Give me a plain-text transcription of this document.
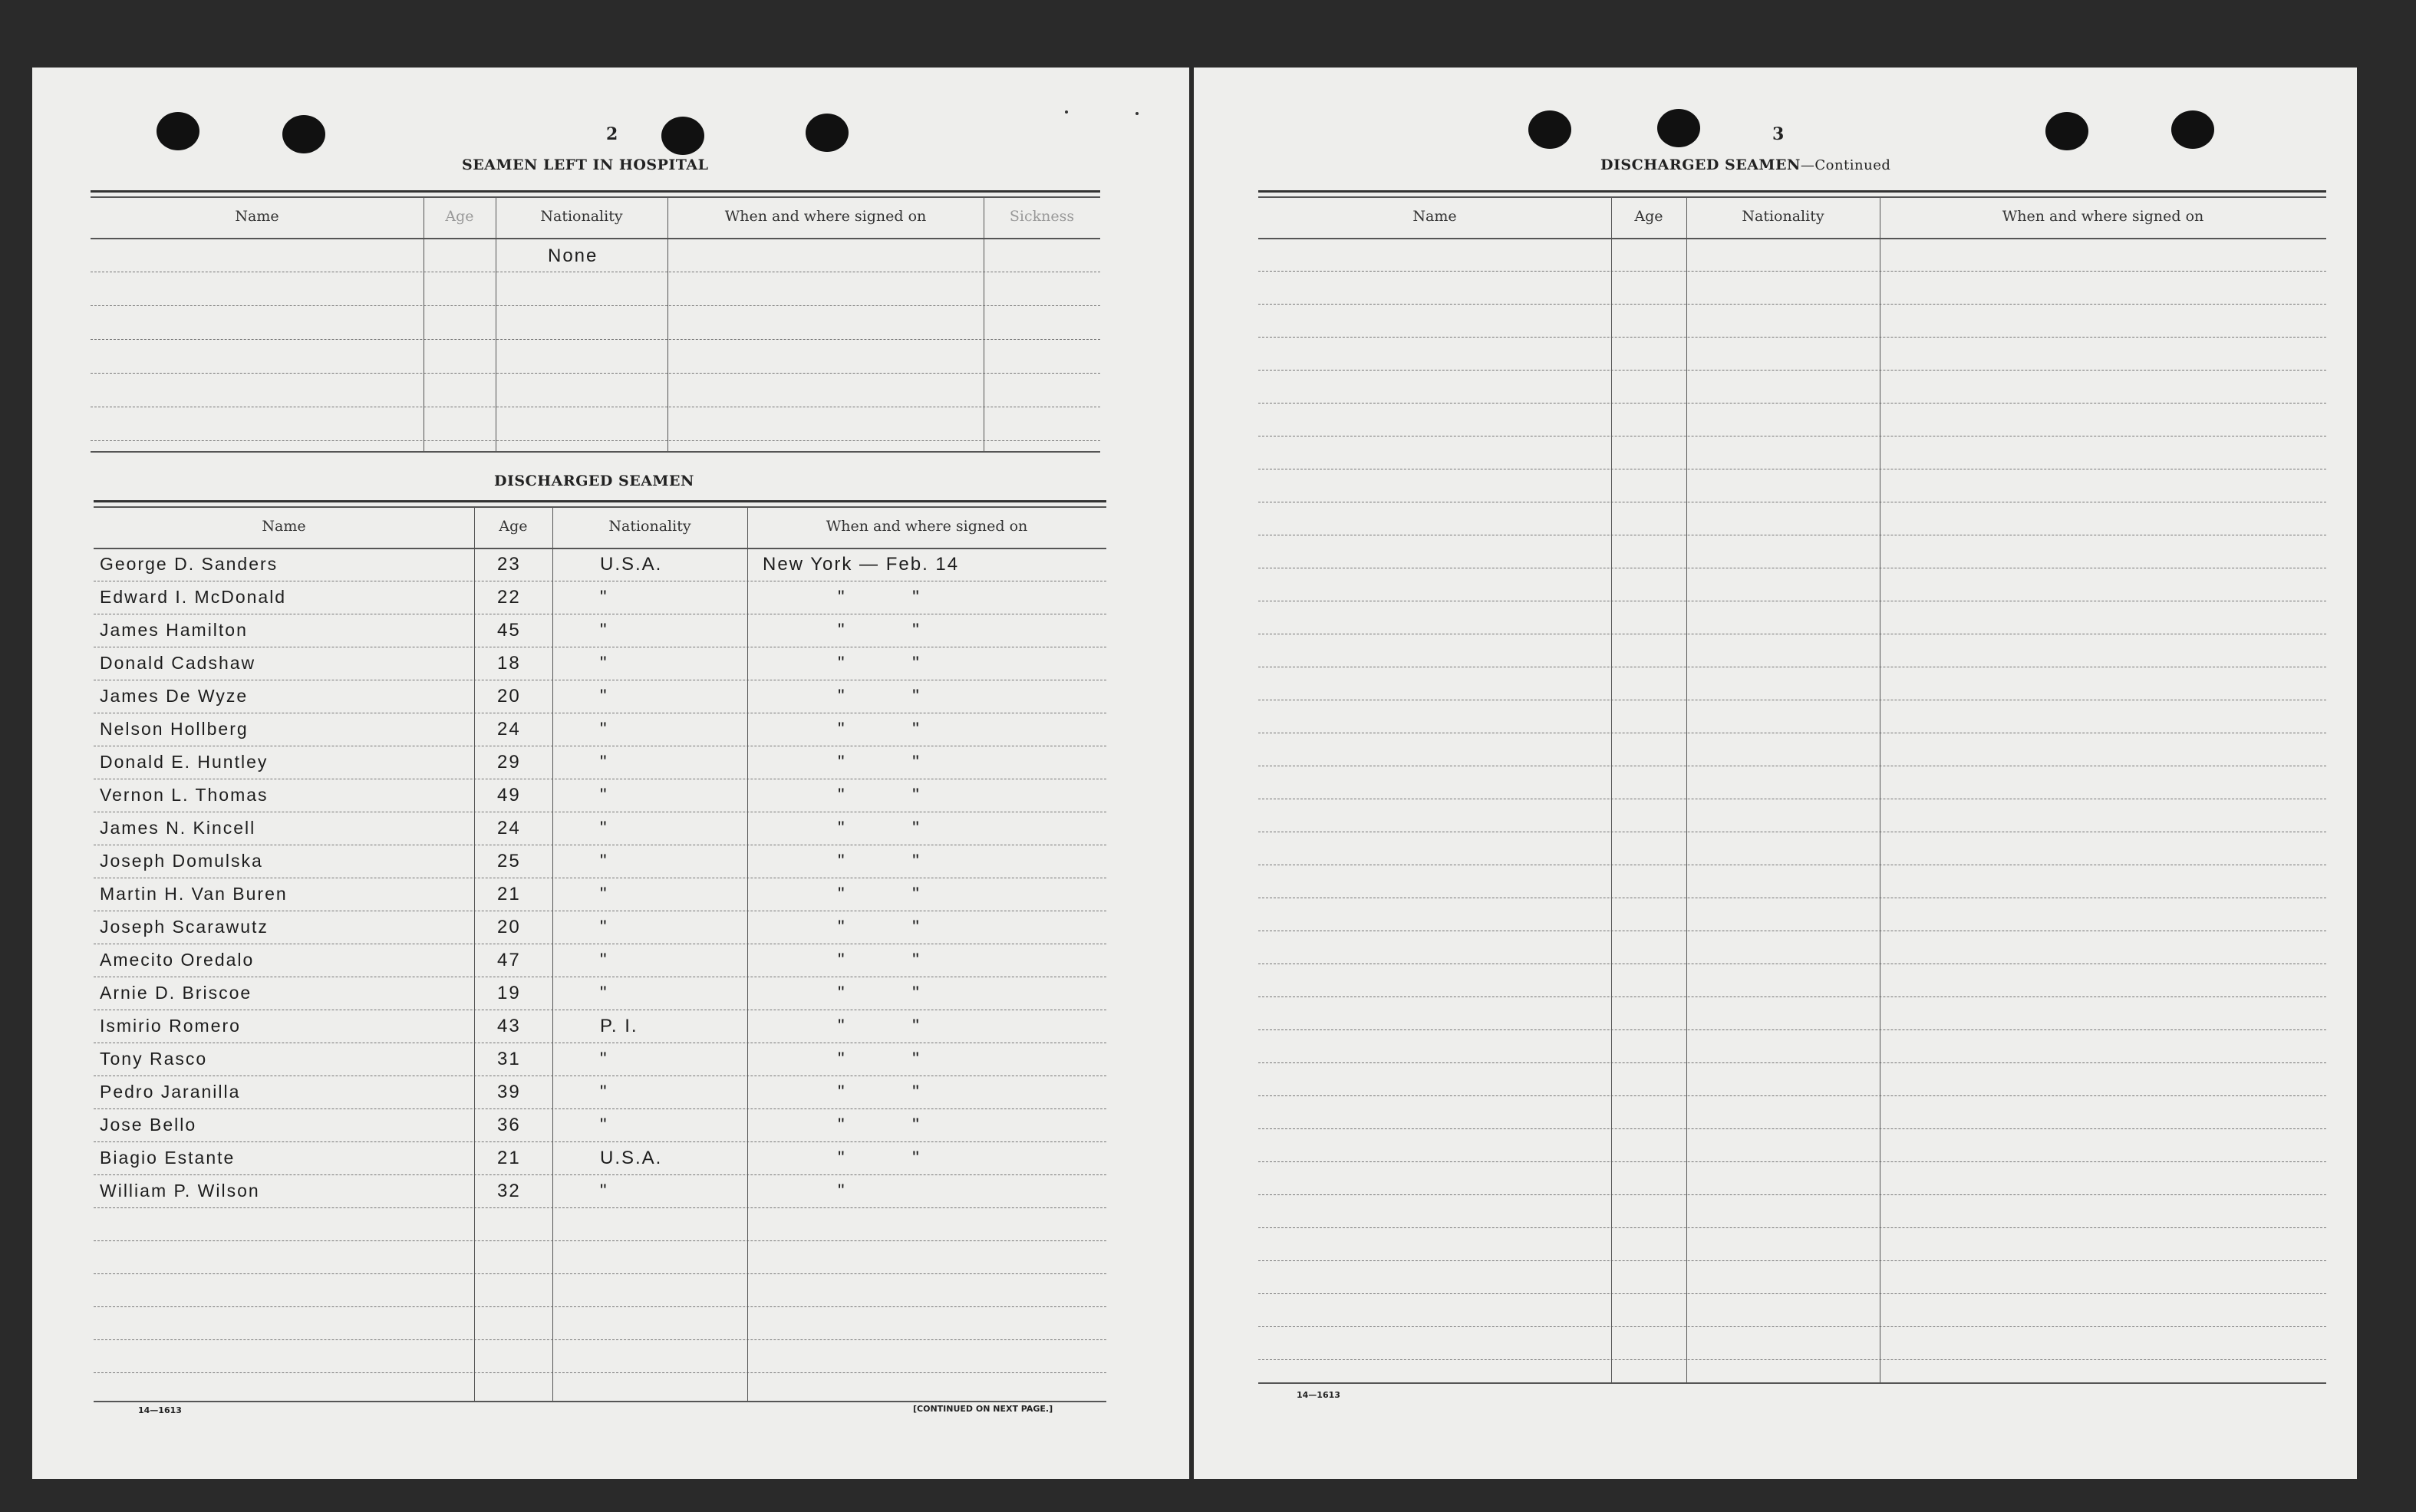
2
SEAMEN LEFT IN HOSPITAL
Name	Age	Nationality	When and where signed on	Sickness
None
DISCHARGED SEAMEN
Name	Age	Nationality	When and where signed on
George D. Sanders	23	U.S.A.	New York — Feb. 14
Edward I. McDonald	22	"	"          "
James Hamilton	45	"	"          "
Donald Cadshaw	18	"	"          "
James De Wyze	20	"	"          "
Nelson Hollberg	24	"	"          "
Donald E. Huntley	29	"	"          "
Vernon L. Thomas	49	"	"          "
James N. Kincell	24	"	"          "
Joseph Domulska	25	"	"          "
Martin H. Van Buren	21	"	"          "
Joseph Scarawutz	20	"	"          "
Amecito Oredalo	47	"	"          "
Arnie D. Briscoe	19	"	"          "
Ismirio Romero	43	P. I.	"          "
Tony Rasco	31	"	"          "
Pedro Jaranilla	39	"	"          "
Jose Bello	36	"	"          "
Biagio Estante	21	U.S.A.	"          "
William P. Wilson	32	"	"
14—1613	[CONTINUED ON NEXT PAGE.]
3
DISCHARGED SEAMEN—Continued
Name	Age	Nationality	When and where signed on
14—1613
